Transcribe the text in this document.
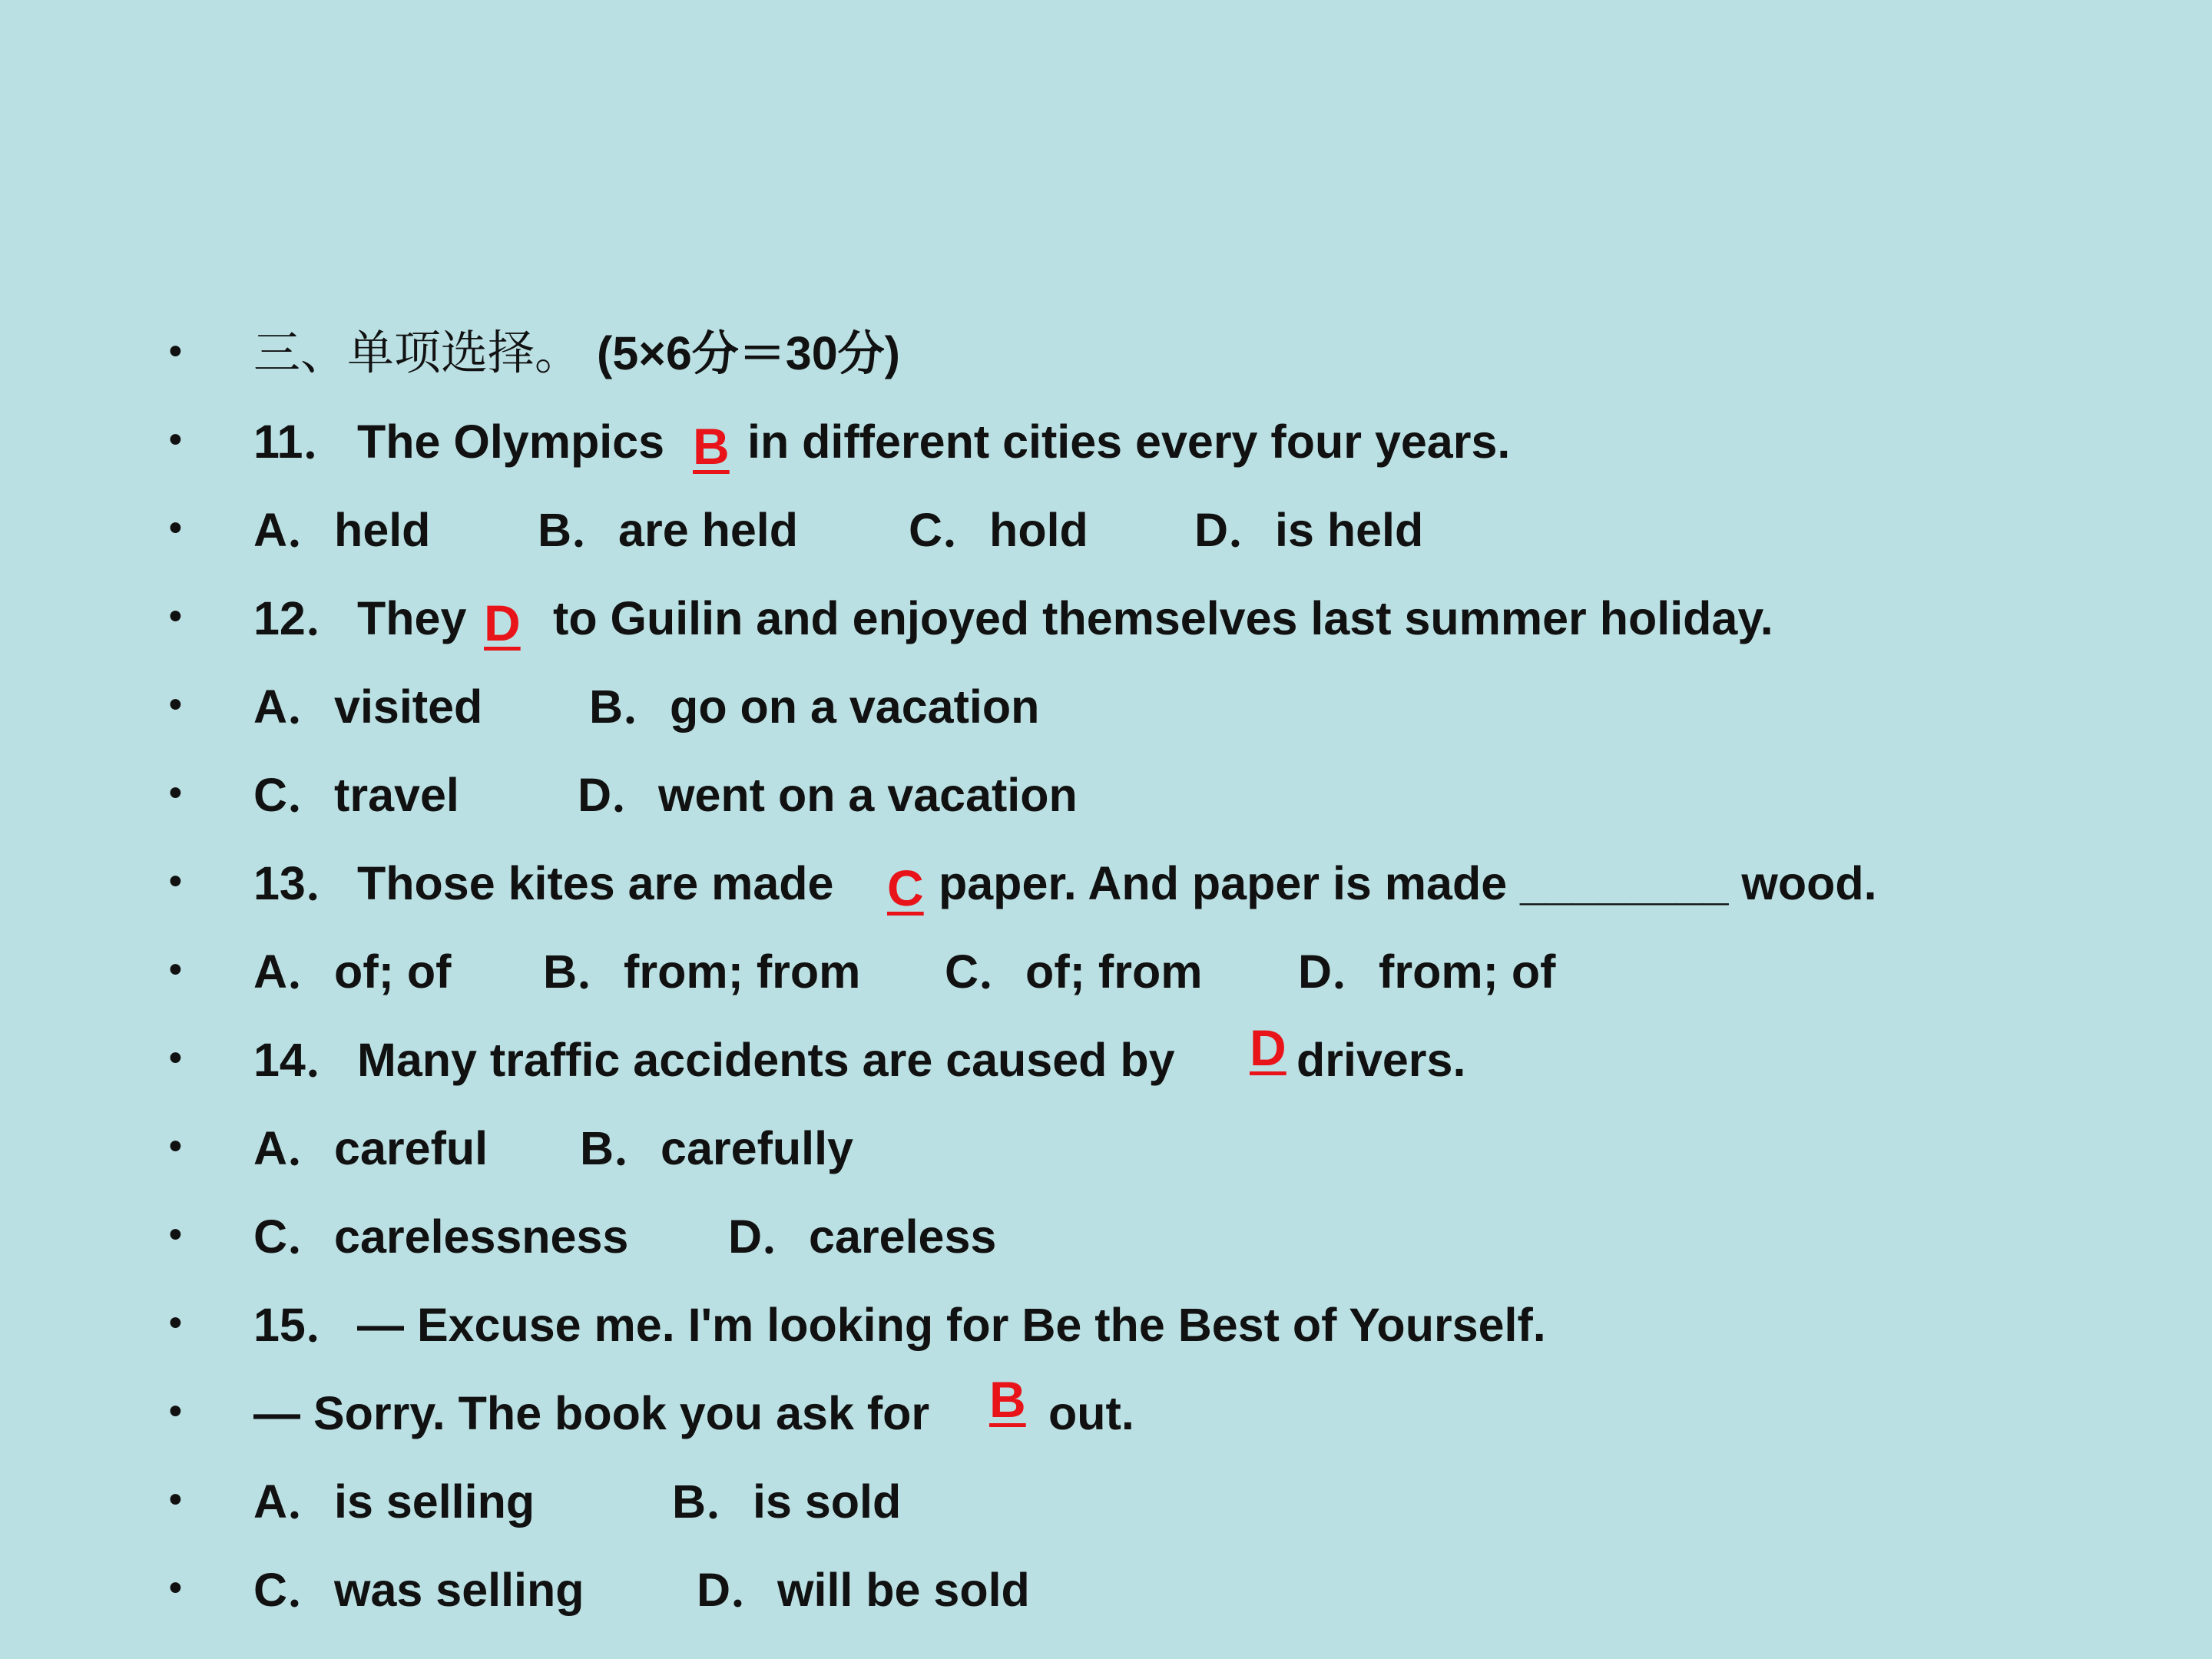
• 三、单项选择。 (5×6分＝30分)
• 11． The Olympics B in different cities every four years.
• A．held B．are held C．hold D．is held
• 12． They D to Guilin and enjoyed themselves last summer holiday.
• A．visited B．go on a vacation
• C．travel	D．went on a vacation
• 13． Those kites are made C paper. And paper is made ________ wood.
• A．of; of B．from; from C．of; from D．from; of
• 14． Many traffic accidents are caused by D drivers.
• A．careful B．carefully
• C．carelessness D．careless
• 15． — Excuse me. I'm looking for Be the Best of Yourself.
• — Sorry. The book you ask for B out.
• A．is selling	B．is sold
• C．was selling D．will be sold
